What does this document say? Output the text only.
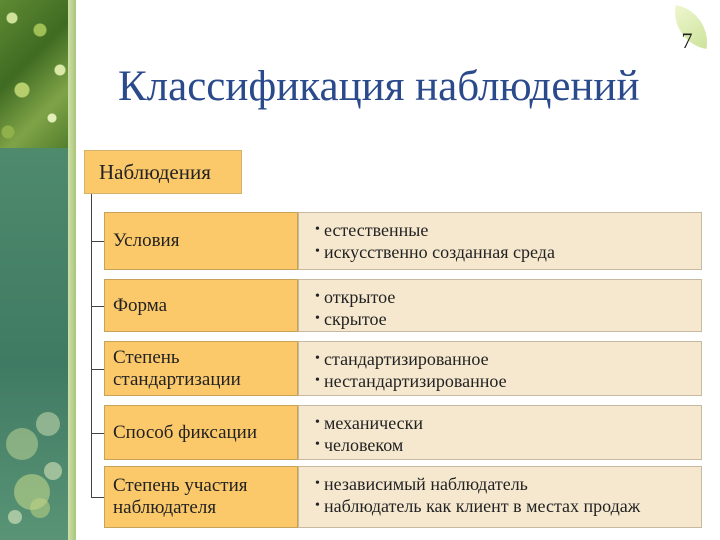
7
Классификация наблюдений
Наблюдения
Условия
• естественные
• искусственно созданная среда
Форма	• открытое
• скрытое
Степень стандартизации
• стандартизированное
• нестандартизированное
Способ фиксации	• механически
• человеком
Степень участия наблюдателя
• независимый наблюдатель
• наблюдатель как клиент в местах продаж
